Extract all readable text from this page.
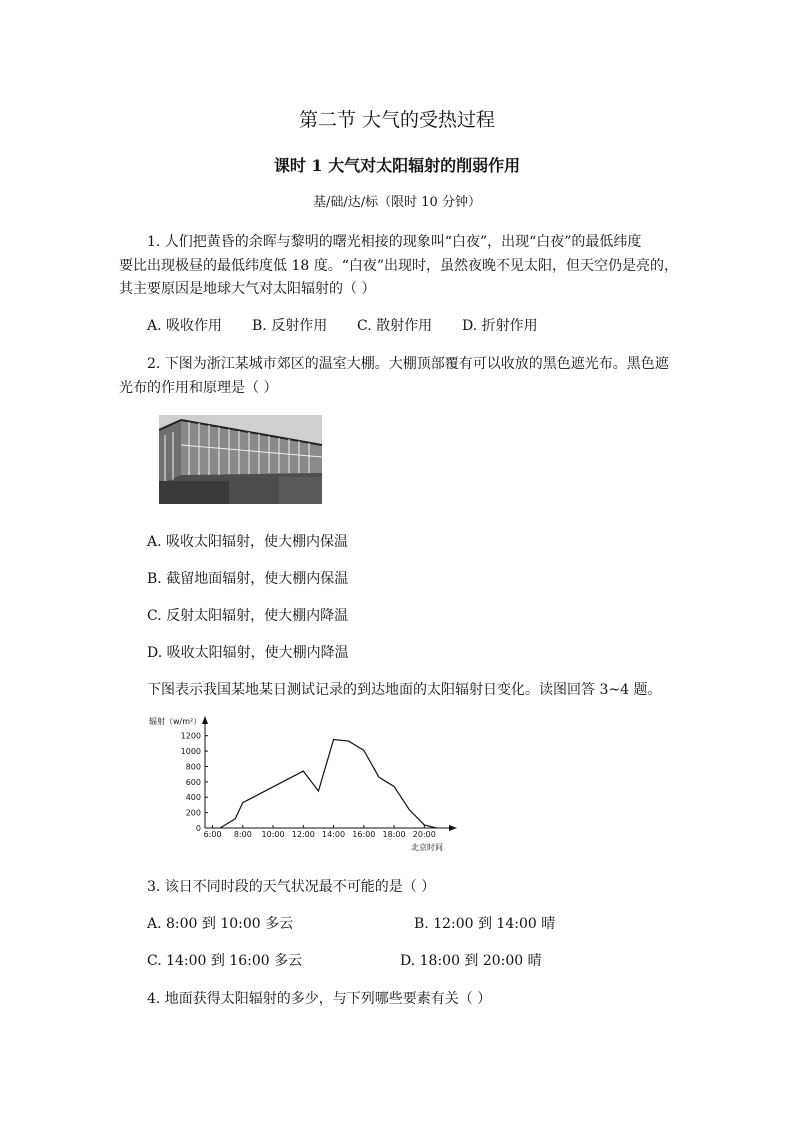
第二节 大气的受热过程
课时 1 大气对太阳辐射的削弱作用
基/础/达/标（限时 10 分钟）
1. 人们把黄昏的余晖与黎明的曙光相接的现象叫“白夜”，出现“白夜”的最低纬度
要比出现极昼的最低纬度低 18 度。“白夜”出现时，虽然夜晚不见太阳，但天空仍是亮的，
其主要原因是地球大气对太阳辐射的（ ）
A. 吸收作用 B. 反射作用 C. 散射作用 D. 折射作用
2. 下图为浙江某城市郊区的温室大棚。大棚顶部覆有可以收放的黑色遮光布。黑色遮
光布的作用和原理是（ ）
A. 吸收太阳辐射，使大棚内保温
B. 截留地面辐射，使大棚内保温
C. 反射太阳辐射，使大棚内降温
D. 吸收太阳辐射，使大棚内降温
下图表示我国某地某日测试记录的到达地面的太阳辐射日变化。读图回答 3~4 题。
辐射（w/m²）
北京时间
1200
1000
800
600
400
200
0
6:00 8:00 10:00 12:00 14:00 16:00 18:00 20:00
3. 该日不同时段的天气状况最不可能的是（ ）
A. 8:00 到 10:00 多云	B. 12:00 到 14:00 晴
C. 14:00 到 16:00 多云	D. 18:00 到 20:00 晴
4. 地面获得太阳辐射的多少，与下列哪些要素有关（ ）
